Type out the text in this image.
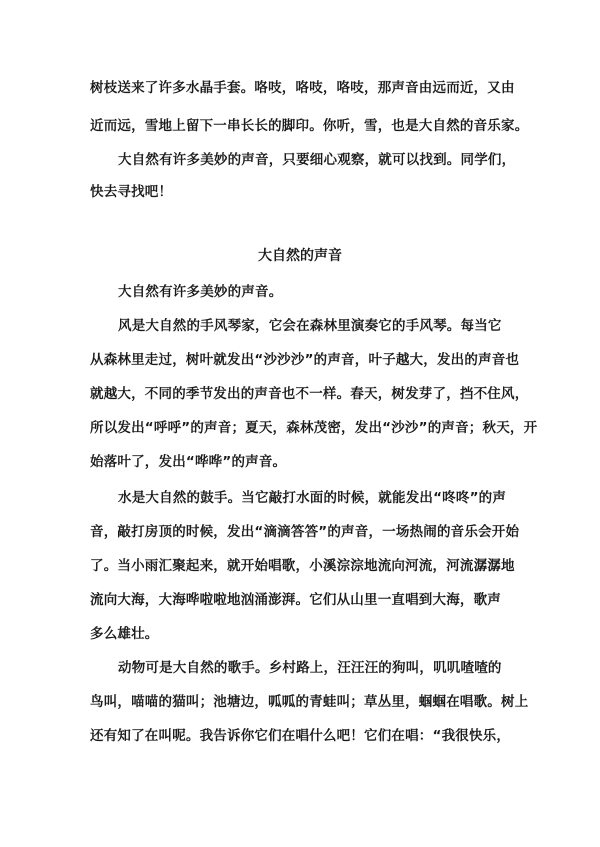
树枝送来了许多水晶手套。咯吱，咯吱，咯吱，那声音由远而近，又由
近而远，雪地上留下一串长长的脚印。你听，雪，也是大自然的音乐家。
大自然有许多美妙的声音，只要细心观察，就可以找到。同学们，
快去寻找吧！
大自然的声音
大自然有许多美妙的声音。
风是大自然的手风琴家，它会在森林里演奏它的手风琴。每当它
从森林里走过，树叶就发出“沙沙沙”的声音，叶子越大，发出的声音也
就越大，不同的季节发出的声音也不一样。春天，树发芽了，挡不住风，
所以发出“呼呼”的声音；夏天，森林茂密，发出“沙沙”的声音；秋天，开
始落叶了，发出“哗哗”的声音。
水是大自然的鼓手。当它敲打水面的时候，就能发出“咚咚”的声
音，敲打房顶的时候，发出“滴滴答答”的声音，一场热闹的音乐会开始
了。当小雨汇聚起来，就开始唱歌，小溪淙淙地流向河流，河流潺潺地
流向大海，大海哗啦啦地汹涌澎湃。它们从山里一直唱到大海，歌声
多么雄壮。
动物可是大自然的歌手。乡村路上，汪汪汪的狗叫，叽叽喳喳的
鸟叫，喵喵的猫叫；池塘边，呱呱的青蛙叫；草丛里，蝈蝈在唱歌。树上
还有知了在叫呢。我告诉你它们在唱什么吧！它们在唱：“我很快乐，
